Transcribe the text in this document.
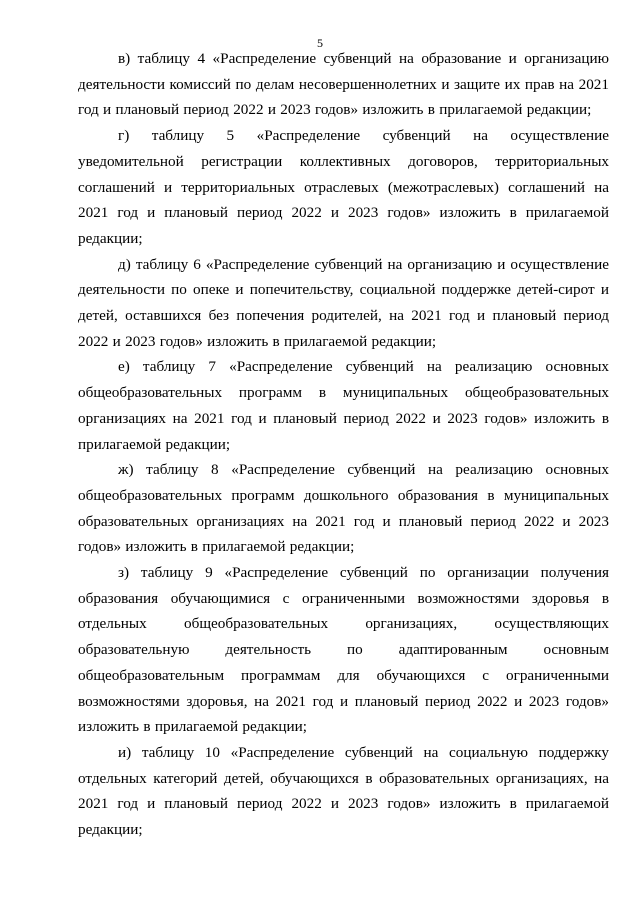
5

в) таблицу 4 «Распределение субвенций на образование и организацию деятельности комиссий по делам несовершеннолетних и защите их прав на 2021 год и плановый период 2022 и 2023 годов» изложить в прилагаемой редакции;

г) таблицу 5 «Распределение субвенций на осуществление уведомительной регистрации коллективных договоров, территориальных соглашений и территориальных отраслевых (межотраслевых) соглашений на 2021 год и плановый период 2022 и 2023 годов» изложить в прилагаемой редакции;

д) таблицу 6 «Распределение субвенций на организацию и осуществление деятельности по опеке и попечительству, социальной поддержке детей-сирот и детей, оставшихся без попечения родителей, на 2021 год и плановый период 2022 и 2023 годов» изложить в прилагаемой редакции;

е) таблицу 7 «Распределение субвенций на реализацию основных общеобразовательных программ в муниципальных общеобразовательных организациях на 2021 год и плановый период 2022 и 2023 годов» изложить в прилагаемой редакции;

ж) таблицу 8 «Распределение субвенций на реализацию основных общеобразовательных программ дошкольного образования в муниципальных образовательных организациях на 2021 год и плановый период 2022 и 2023 годов» изложить в прилагаемой редакции;

з) таблицу 9 «Распределение субвенций по организации получения образования обучающимися с ограниченными возможностями здоровья в отдельных общеобразовательных организациях, осуществляющих образовательную деятельность по адаптированным основным общеобразовательным программам для обучающихся с ограниченными возможностями здоровья, на 2021 год и плановый период 2022 и 2023 годов» изложить в прилагаемой редакции;

и) таблицу 10 «Распределение субвенций на социальную поддержку отдельных категорий детей, обучающихся в образовательных организациях, на 2021 год и плановый период 2022 и 2023 годов» изложить в прилагаемой редакции;
